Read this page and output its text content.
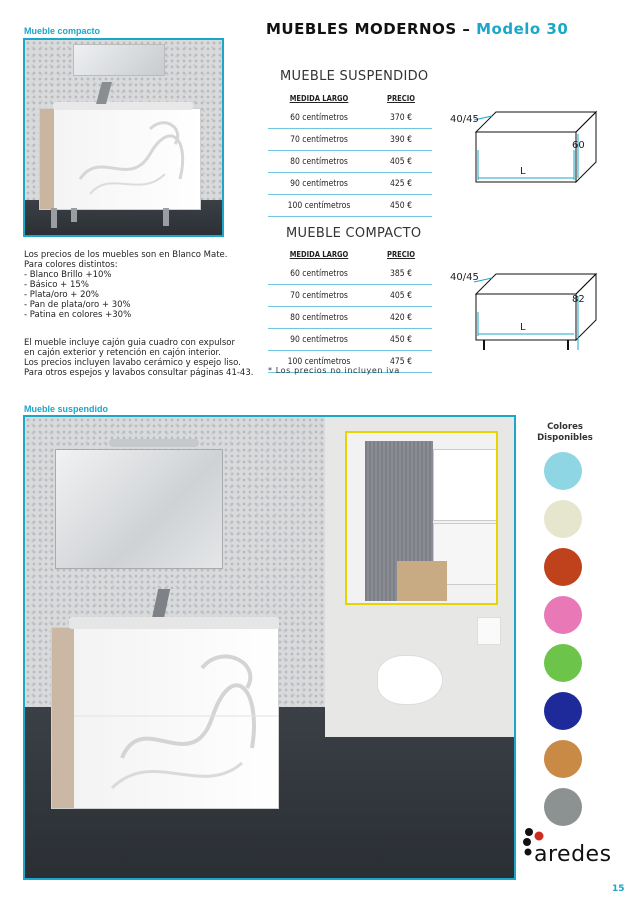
MUEBLES MODERNOS – Modelo 30
Mueble compacto
MUEBLE SUSPENDIDO
MEDIDA LARGO	PRECIO
60 centímetros	370 €
70 centímetros	390 €
80 centímetros	405 €
90 centímetros	425 €
100 centímetros	450 €
40/45
60
L
MUEBLE COMPACTO
MEDIDA LARGO	PRECIO
60 centímetros	385 €
70 centímetros	405 €
80 centímetros	420 €
90 centímetros	450 €
100 centímetros	475 €
* Los precios no incluyen iva
40/45
82
L
Los precios de los muebles son en Blanco Mate.
Para colores distintos:
- Blanco Brillo +10%
- Básico + 15%
- Plata/oro + 20%
- Pan de plata/oro + 30%
- Patina en colores +30%
El mueble incluye cajón guia cuadro con expulsor
en cajón exterior y retención en cajón interior.
Los precios incluyen lavabo cerámico y espejo liso.
Para otros espejos y lavabos consultar páginas 41-43.
Mueble suspendido
Colores
Disponibles
aredes
15
